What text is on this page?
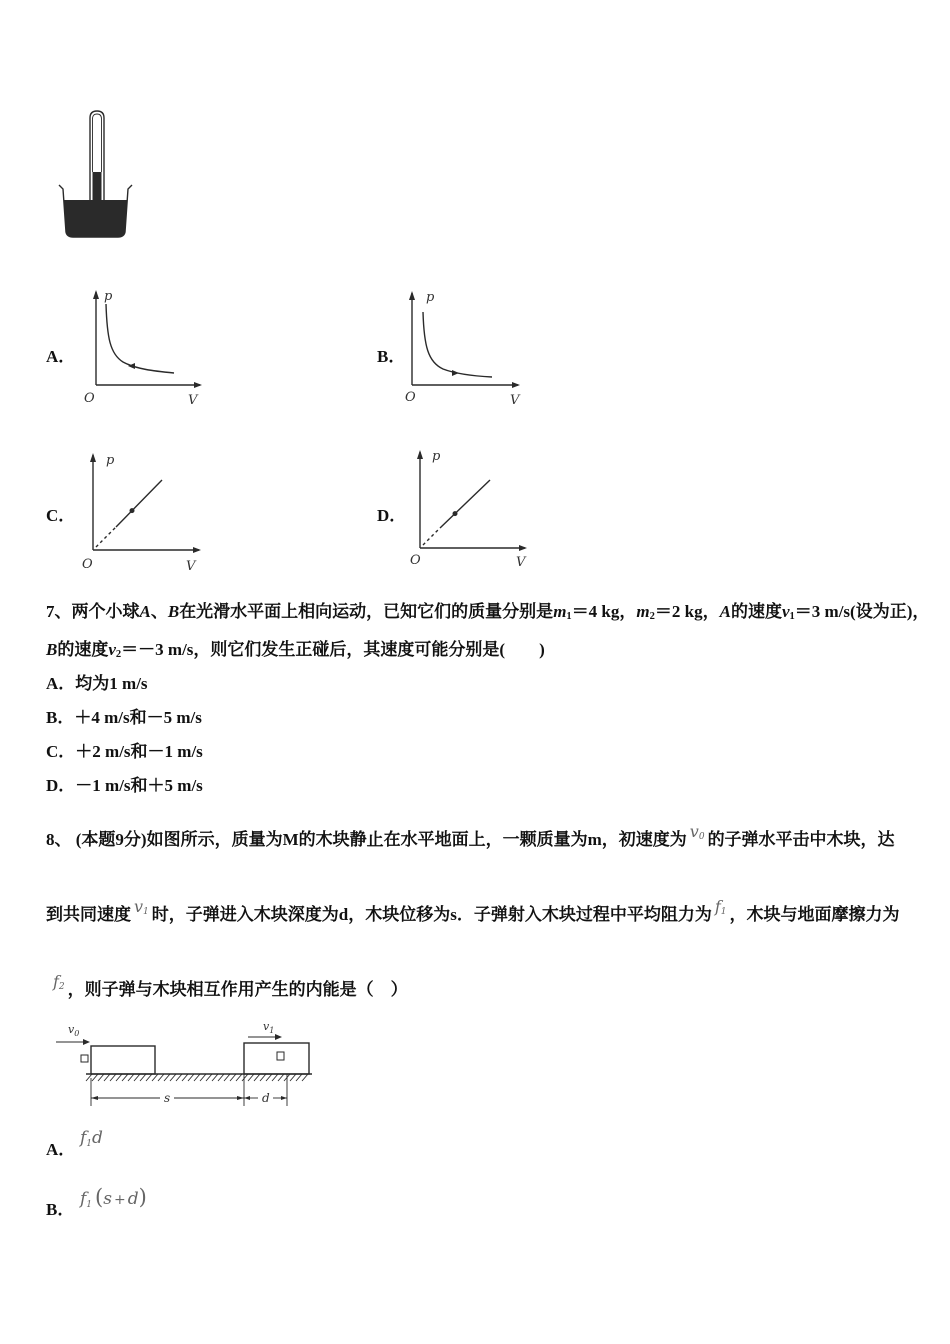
A．
p
O	V
B．
p
O	V
C．
p
O	V
D．
p
O	V
7、两个小球A、B在光滑水平面上相向运动，已知它们的质量分别是$m_1=4$ kg，$m_2=2$ kg，A的速度$v_1=3$ m/s(设为正)，
B的速度$v_2=-3$ m/s，则它们发生正碰后，其速度可能分别是(　　)
A．均为1 m/s
B．＋4 m/s和－5 m/s
C．＋2 m/s和－1 m/s
D．－1 m/s和＋5 m/s
8、 (本题9分)如图所示，质量为M的木块静止在水平地面上，一颗质量为m，初速度为 v0 的子弹水平击中木块，达
到共同速度 v1 时，子弹进入木块深度为d，木块位移为s．子弹射入木块过程中平均阻力为 f1 ，木块与地面摩擦力为
f2 ，则子弹与木块相互作用产生的内能是（　）
$v_0$
$v_1$
s	d
A．
f1d
B．
f1 (s + d)
